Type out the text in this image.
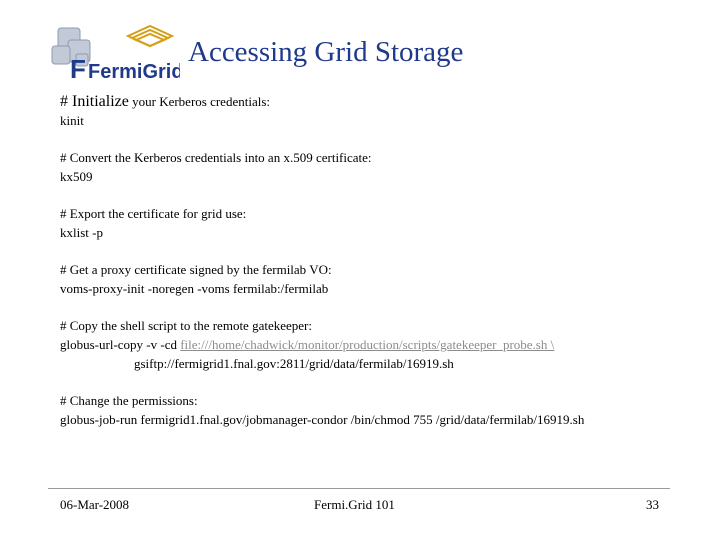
F FermiGrid
Accessing Grid Storage
# Initialize your Kerberos credentials:
kinit
# Convert the Kerberos credentials into an x.509 certificate:
kx509
# Export the certificate for grid use:
kxlist -p
# Get a proxy certificate signed by the fermilab VO:
voms-proxy-init -noregen -voms fermilab:/fermilab
# Copy the shell script to the remote gatekeeper:
globus-url-copy -v -cd file:///home/chadwick/monitor/production/scripts/gatekeeper_probe.sh \
gsiftp://fermigrid1.fnal.gov:2811/grid/data/fermilab/16919.sh
# Change the permissions:
globus-job-run fermigrid1.fnal.gov/jobmanager-condor /bin/chmod 755 /grid/data/fermilab/16919.sh
06-Mar-2008	Fermi.Grid 101	33
